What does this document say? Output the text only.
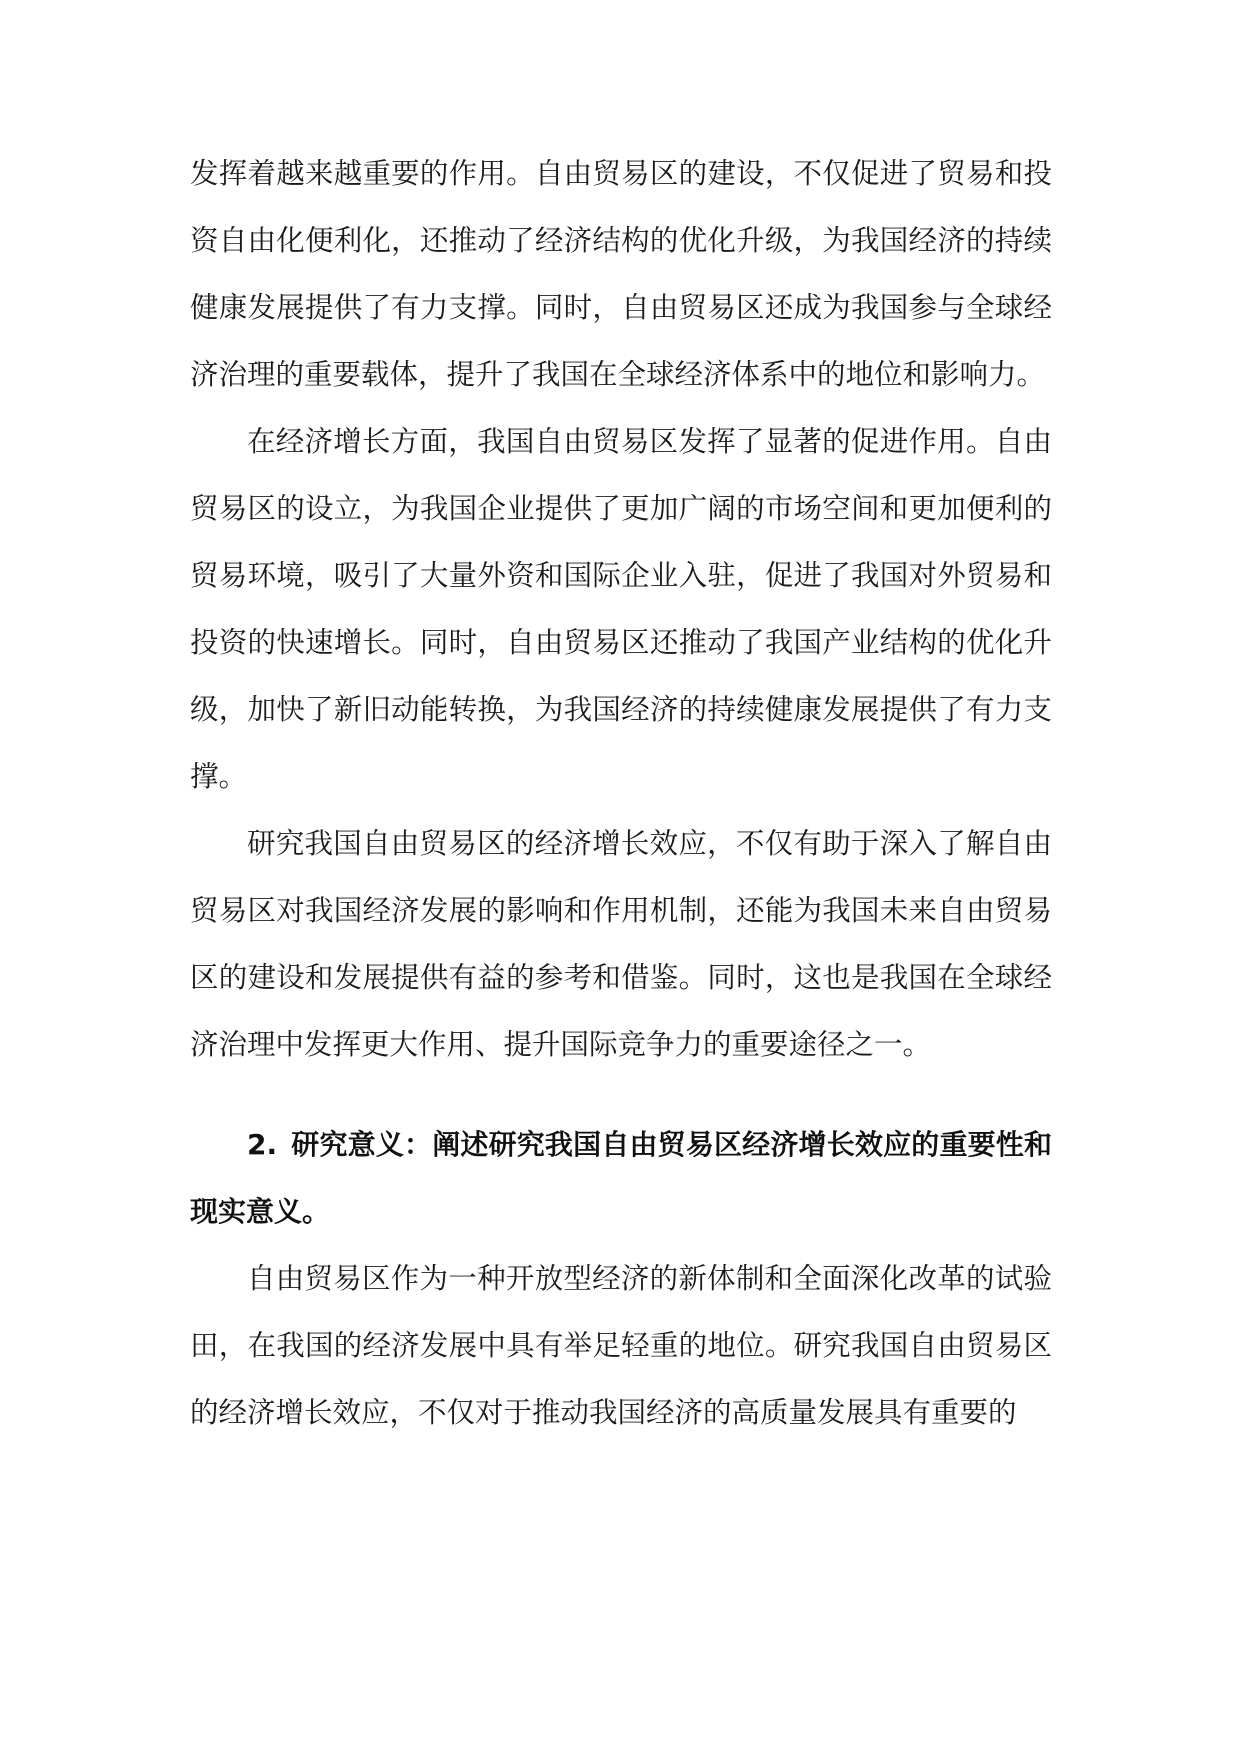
发挥着越来越重要的作用。自由贸易区的建设，不仅促进了贸易和投资自由化便利化，还推动了经济结构的优化升级，为我国经济的持续健康发展提供了有力支撑。同时，自由贸易区还成为我国参与全球经济治理的重要载体，提升了我国在全球经济体系中的地位和影响力。

在经济增长方面，我国自由贸易区发挥了显著的促进作用。自由贸易区的设立，为我国企业提供了更加广阔的市场空间和更加便利的贸易环境，吸引了大量外资和国际企业入驻，促进了我国对外贸易和投资的快速增长。同时，自由贸易区还推动了我国产业结构的优化升级，加快了新旧动能转换，为我国经济的持续健康发展提供了有力支撑。

研究我国自由贸易区的经济增长效应，不仅有助于深入了解自由贸易区对我国经济发展的影响和作用机制，还能为我国未来自由贸易区的建设和发展提供有益的参考和借鉴。同时，这也是我国在全球经济治理中发挥更大作用、提升国际竞争力的重要途径之一。

2. 研究意义：阐述研究我国自由贸易区经济增长效应的重要性和现实意义。

自由贸易区作为一种开放型经济的新体制和全面深化改革的试验田，在我国的经济发展中具有举足轻重的地位。研究我国自由贸易区的经济增长效应，不仅对于推动我国经济的高质量发展具有重要的
